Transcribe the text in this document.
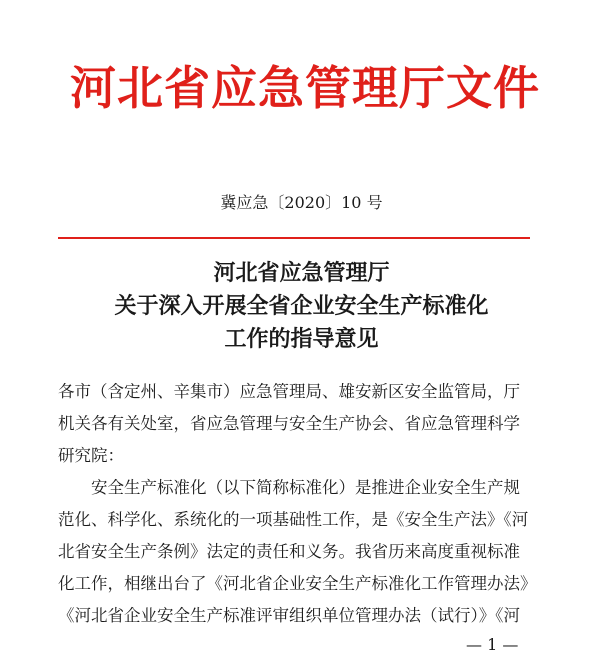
河北省应急管理厅文件
冀应急〔2020〕10 号
河北省应急管理厅
关于深入开展全省企业安全生产标准化
工作的指导意见
各市（含定州、辛集市）应急管理局、雄安新区安全监管局，厅
机关各有关处室，省应急管理与安全生产协会、省应急管理科学
研究院：
安全生产标准化（以下简称标准化）是推进企业安全生产规
范化、科学化、系统化的一项基础性工作，是《安全生产法》《河
北省安全生产条例》法定的责任和义务。我省历来高度重视标准
化工作，相继出台了《河北省企业安全生产标准化工作管理办法》
《河北省企业安全生产标准评审组织单位管理办法（试行）》《河
— 1 —
